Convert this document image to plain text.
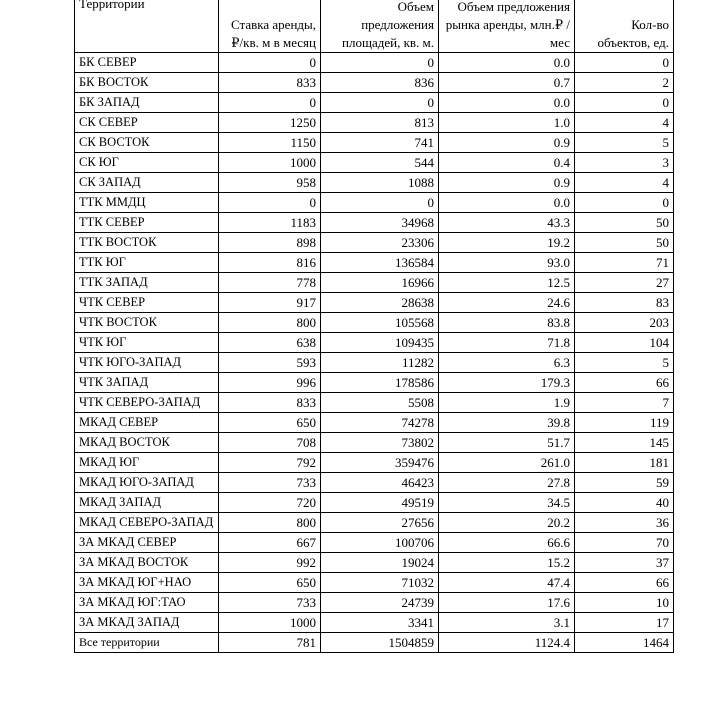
Территории	Ставка аренды, ₽/кв. м в месяц	Объем предложения площадей, кв. м.	Объем предложения рынка аренды, млн.₽ /мес	Кол-во объектов, ед.
БК СЕВЕР	0	0	0.0	0
БК ВОСТОК	833	836	0.7	2
БК ЗАПАД	0	0	0.0	0
СК СЕВЕР	1250	813	1.0	4
СК ВОСТОК	1150	741	0.9	5
СК ЮГ	1000	544	0.4	3
СК ЗАПАД	958	1088	0.9	4
ТТК ММДЦ	0	0	0.0	0
ТТК СЕВЕР	1183	34968	43.3	50
ТТК ВОСТОК	898	23306	19.2	50
ТТК ЮГ	816	136584	93.0	71
ТТК ЗАПАД	778	16966	12.5	27
ЧТК СЕВЕР	917	28638	24.6	83
ЧТК ВОСТОК	800	105568	83.8	203
ЧТК ЮГ	638	109435	71.8	104
ЧТК ЮГО-ЗАПАД	593	11282	6.3	5
ЧТК ЗАПАД	996	178586	179.3	66
ЧТК СЕВЕРО-ЗАПАД	833	5508	1.9	7
МКАД СЕВЕР	650	74278	39.8	119
МКАД ВОСТОК	708	73802	51.7	145
МКАД ЮГ	792	359476	261.0	181
МКАД ЮГО-ЗАПАД	733	46423	27.8	59
МКАД ЗАПАД	720	49519	34.5	40
МКАД СЕВЕРО-ЗАПАД	800	27656	20.2	36
ЗА МКАД СЕВЕР	667	100706	66.6	70
ЗА МКАД ВОСТОК	992	19024	15.2	37
ЗА МКАД ЮГ+НАО	650	71032	47.4	66
ЗА МКАД ЮГ:ТАО	733	24739	17.6	10
ЗА МКАД ЗАПАД	1000	3341	3.1	17
Все территории	781	1504859	1124.4	1464
